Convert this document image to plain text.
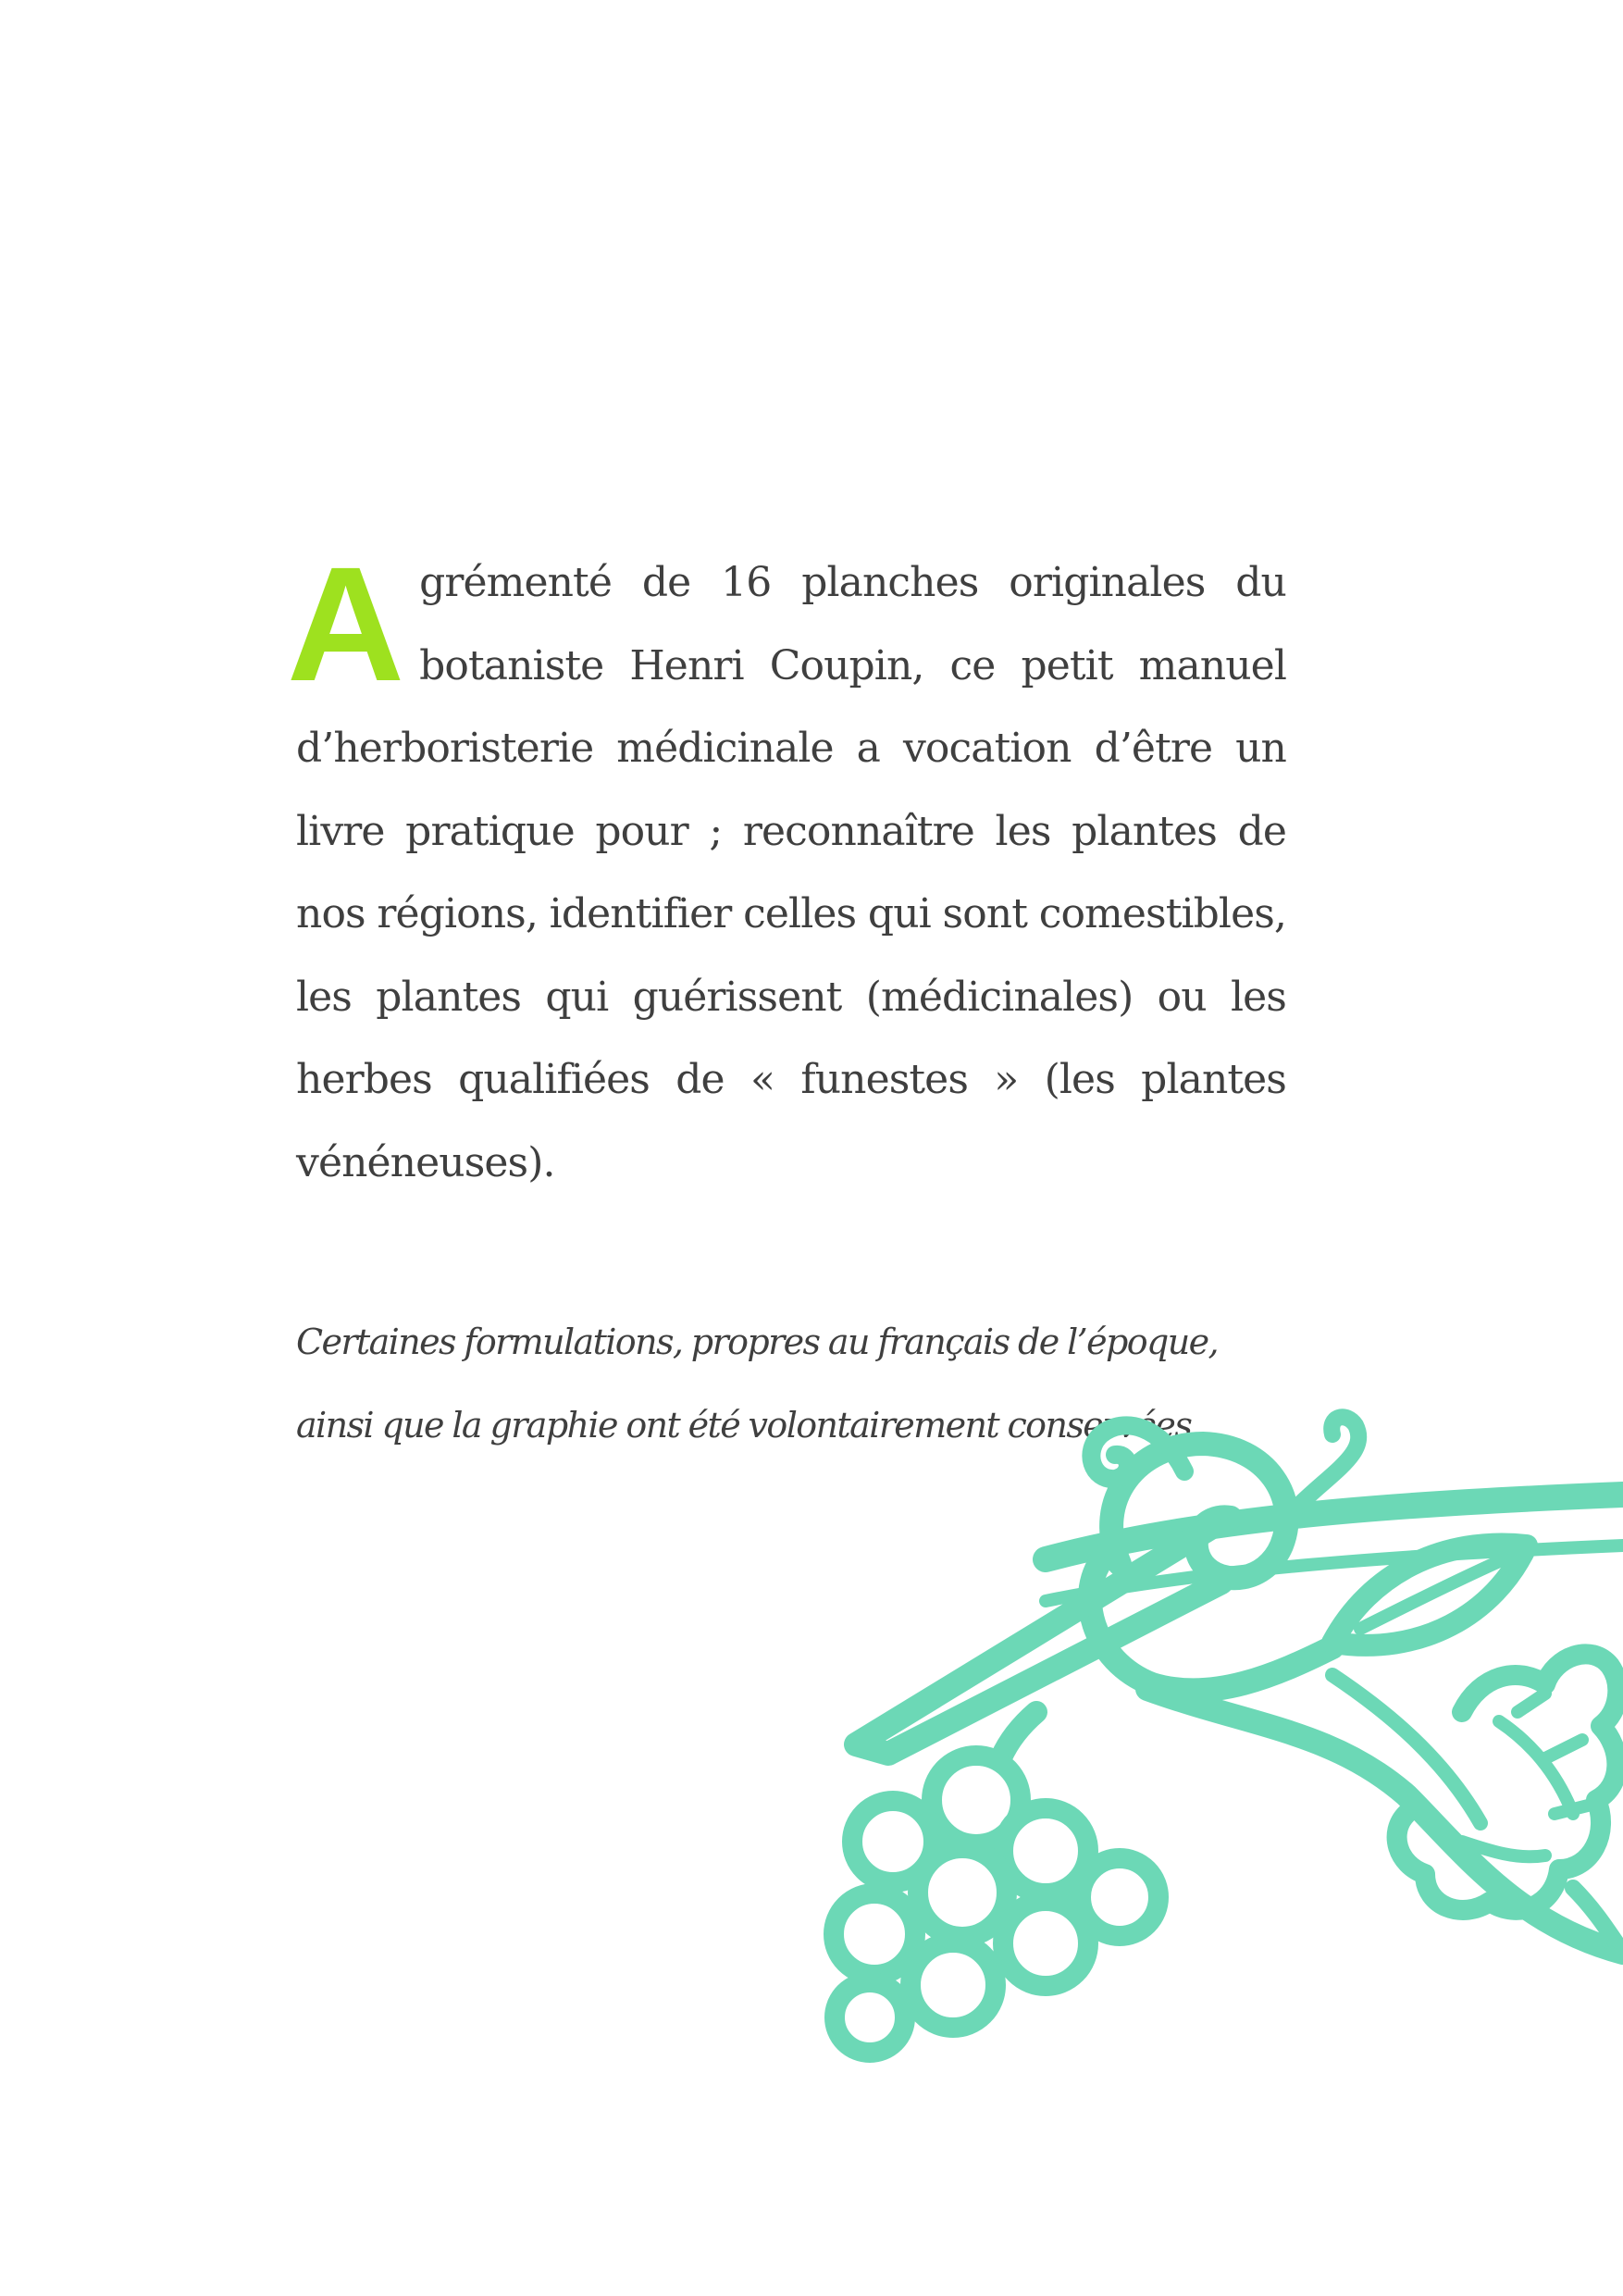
A grémenté de 16 planches originales du botaniste Henri Coupin, ce petit manuel d’herboristerie médicinale a vocation d’être un livre pratique pour ; reconnaître les plantes de nos régions, identifier celles qui sont comestibles, les plantes qui guérissent (médicinales) ou les herbes qualifiées de « funestes » (les plantes vénéneuses).

Certaines formulations, propres au français de l’époque,
ainsi que la graphie ont été volontairement conservées.
